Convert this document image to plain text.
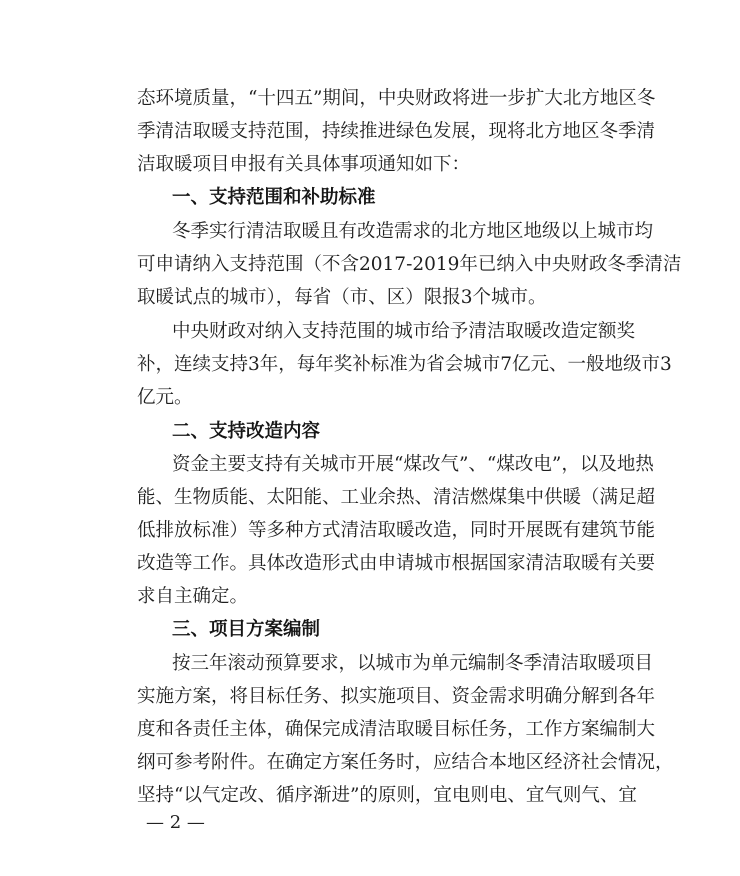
态环境质量，“十四五”期间，中央财政将进一步扩大北方地区冬
季清洁取暖支持范围，持续推进绿色发展，现将北方地区冬季清
洁取暖项目申报有关具体事项通知如下：
一、支持范围和补助标准
冬季实行清洁取暖且有改造需求的北方地区地级以上城市均
可申请纳入支持范围（不含2017-2019年已纳入中央财政冬季清洁
取暖试点的城市），每省（市、区）限报3个城市。
中央财政对纳入支持范围的城市给予清洁取暖改造定额奖
补，连续支持3年，每年奖补标准为省会城市7亿元、一般地级市3
亿元。
二、支持改造内容
资金主要支持有关城市开展“煤改气”、“煤改电”，以及地热
能、生物质能、太阳能、工业余热、清洁燃煤集中供暖（满足超
低排放标准）等多种方式清洁取暖改造，同时开展既有建筑节能
改造等工作。具体改造形式由申请城市根据国家清洁取暖有关要
求自主确定。
三、项目方案编制
按三年滚动预算要求，以城市为单元编制冬季清洁取暖项目
实施方案，将目标任务、拟实施项目、资金需求明确分解到各年
度和各责任主体，确保完成清洁取暖目标任务，工作方案编制大
纲可参考附件。在确定方案任务时，应结合本地区经济社会情况，
坚持“以气定改、循序渐进”的原则，宜电则电、宜气则气、宜
— 2 —
